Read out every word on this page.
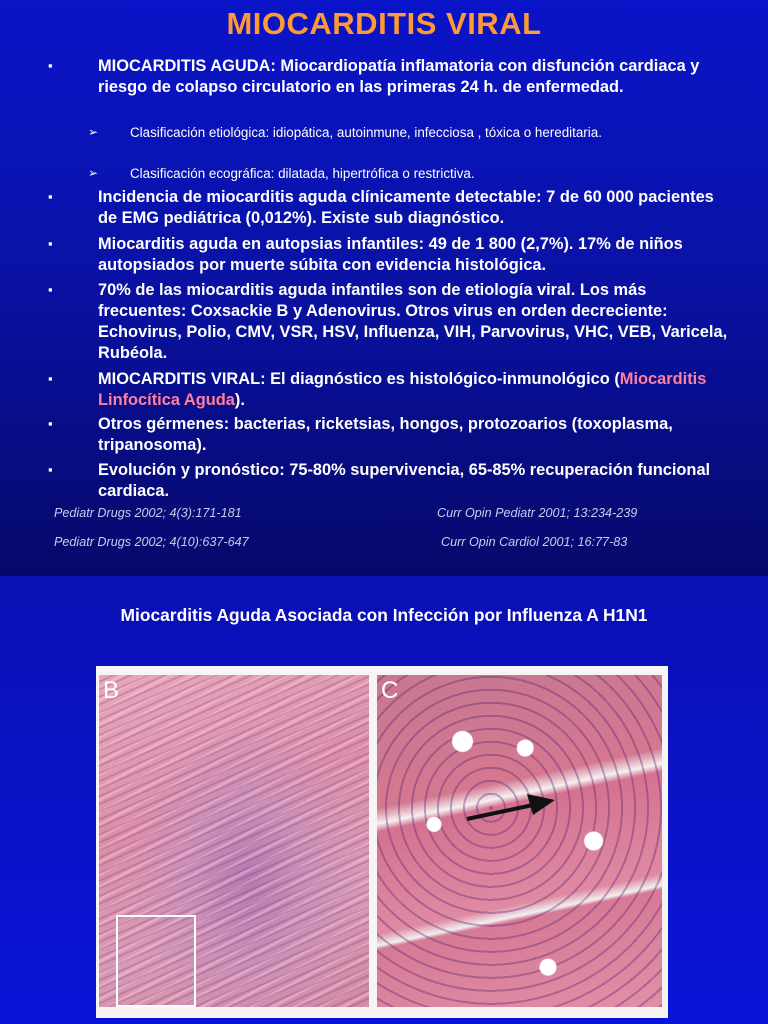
MIOCARDITIS VIRAL
▪	MIOCARDITIS AGUDA: Miocardiopatía inflamatoria con disfunción cardiaca y riesgo de colapso circulatorio en las primeras 24 h. de enfermedad.
➢ Clasificación etiológica: idiopática, autoinmune, infecciosa , tóxica o hereditaria.
➢ Clasificación ecográfica: dilatada, hipertrófica o restrictiva.
▪	Incidencia de miocarditis aguda clínicamente detectable: 7 de 60 000 pacientes de EMG pediátrica (0,012%). Existe sub diagnóstico.
▪	Miocarditis aguda en autopsias infantiles: 49 de 1 800 (2,7%). 17% de niños autopsiados por muerte súbita con evidencia histológica.
▪	70% de las miocarditis aguda infantiles son de etiología viral. Los más frecuentes: Coxsackie B y Adenovirus. Otros virus en orden decreciente: Echovirus, Polio, CMV, VSR, HSV, Influenza, VIH, Parvovirus, VHC, VEB, Varicela, Rubéola.
▪	MIOCARDITIS VIRAL: El diagnóstico es histológico-inmunológico (Miocarditis Linfocítica Aguda).
▪	Otros gérmenes: bacterias, ricketsias, hongos, protozoarios (toxoplasma, tripanosoma).
▪	Evolución y pronóstico: 75-80% supervivencia, 65-85% recuperación funcional cardiaca.
Pediatr Drugs 2002; 4(3):171-181	Curr Opin Pediatr 2001; 13:234-239
Pediatr Drugs 2002; 4(10):637-647	Curr Opin Cardiol 2001; 16:77-83
Miocarditis Aguda Asociada con Infección por Influenza A H1N1
B	C
